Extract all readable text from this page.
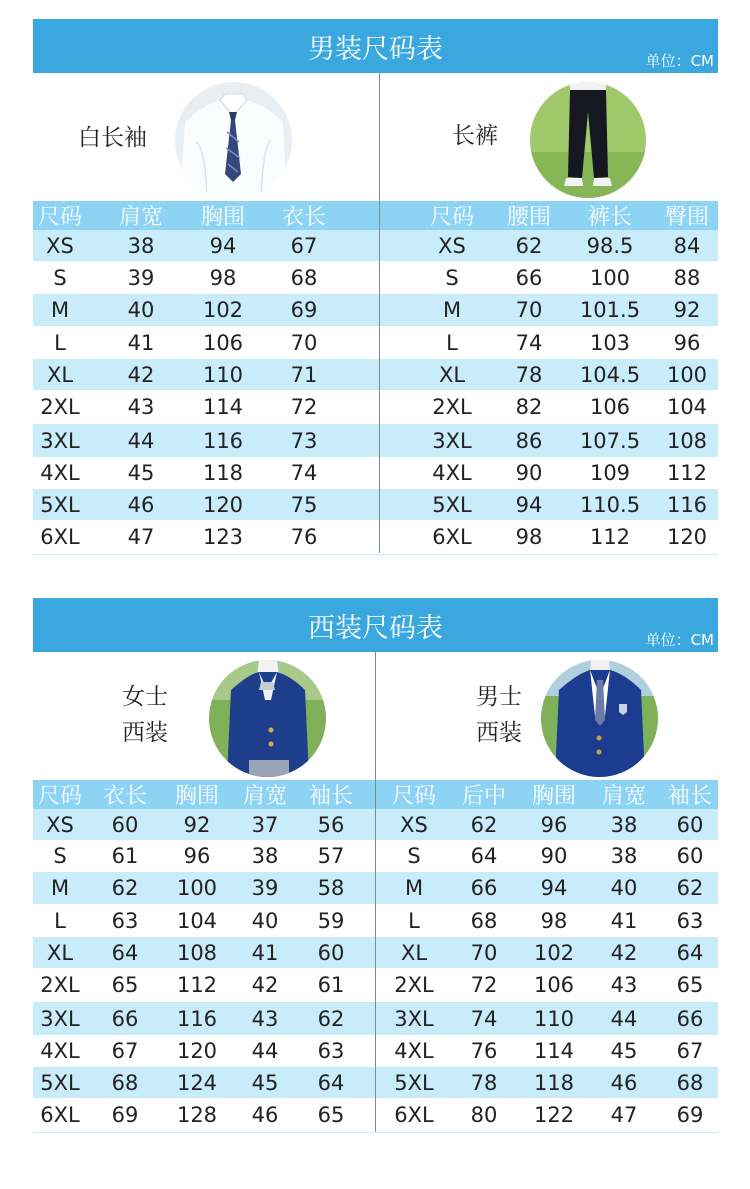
男装尺码表	单位：CM
白长袖	长裤
尺码 肩宽 胸围 衣长
XS	38	94	67
S	39	98	68
M	40 102 69
L	41 106 70
XL	42 110 71
2XL 43 114 72
3XL 44 116 73
4XL 45 118 74
5XL 46 120 75
6XL 47 123 76
尺码 腰围 裤长 臀围
XS 62 98.5 84
S	66 100 88
M	70 101.5 92
L	74 103 96
XL 78 104.5 100
2XL 82 106 104
3XL 86 107.5 108
4XL 90 109 112
5XL 94 110.5 116
6XL 98 112 120
西装尺码表	单位：CM
女士
西装
男士
西装
尺码 衣长 胸围 肩宽 袖长
XS 60 92 37 56
S 61 96 38 57
M 62 100 39 58
L 63 104 40 59
XL 64 108 41 60
2XL 65 112 42 61
3XL 66 116 43 62
4XL 67 120 44 63
5XL 68 124 45 64
6XL 69 128 46 65
尺码 后中 胸围 肩宽 袖长
XS 62 96 38 60
S 64 90 38 60
M 66 94 40 62
L 68 98 41 63
XL 70 102 42 64
2XL 72 106 43 65
3XL 74 110 44 66
4XL 76 114 45 67
5XL 78 118 46 68
6XL 80 122 47 69
